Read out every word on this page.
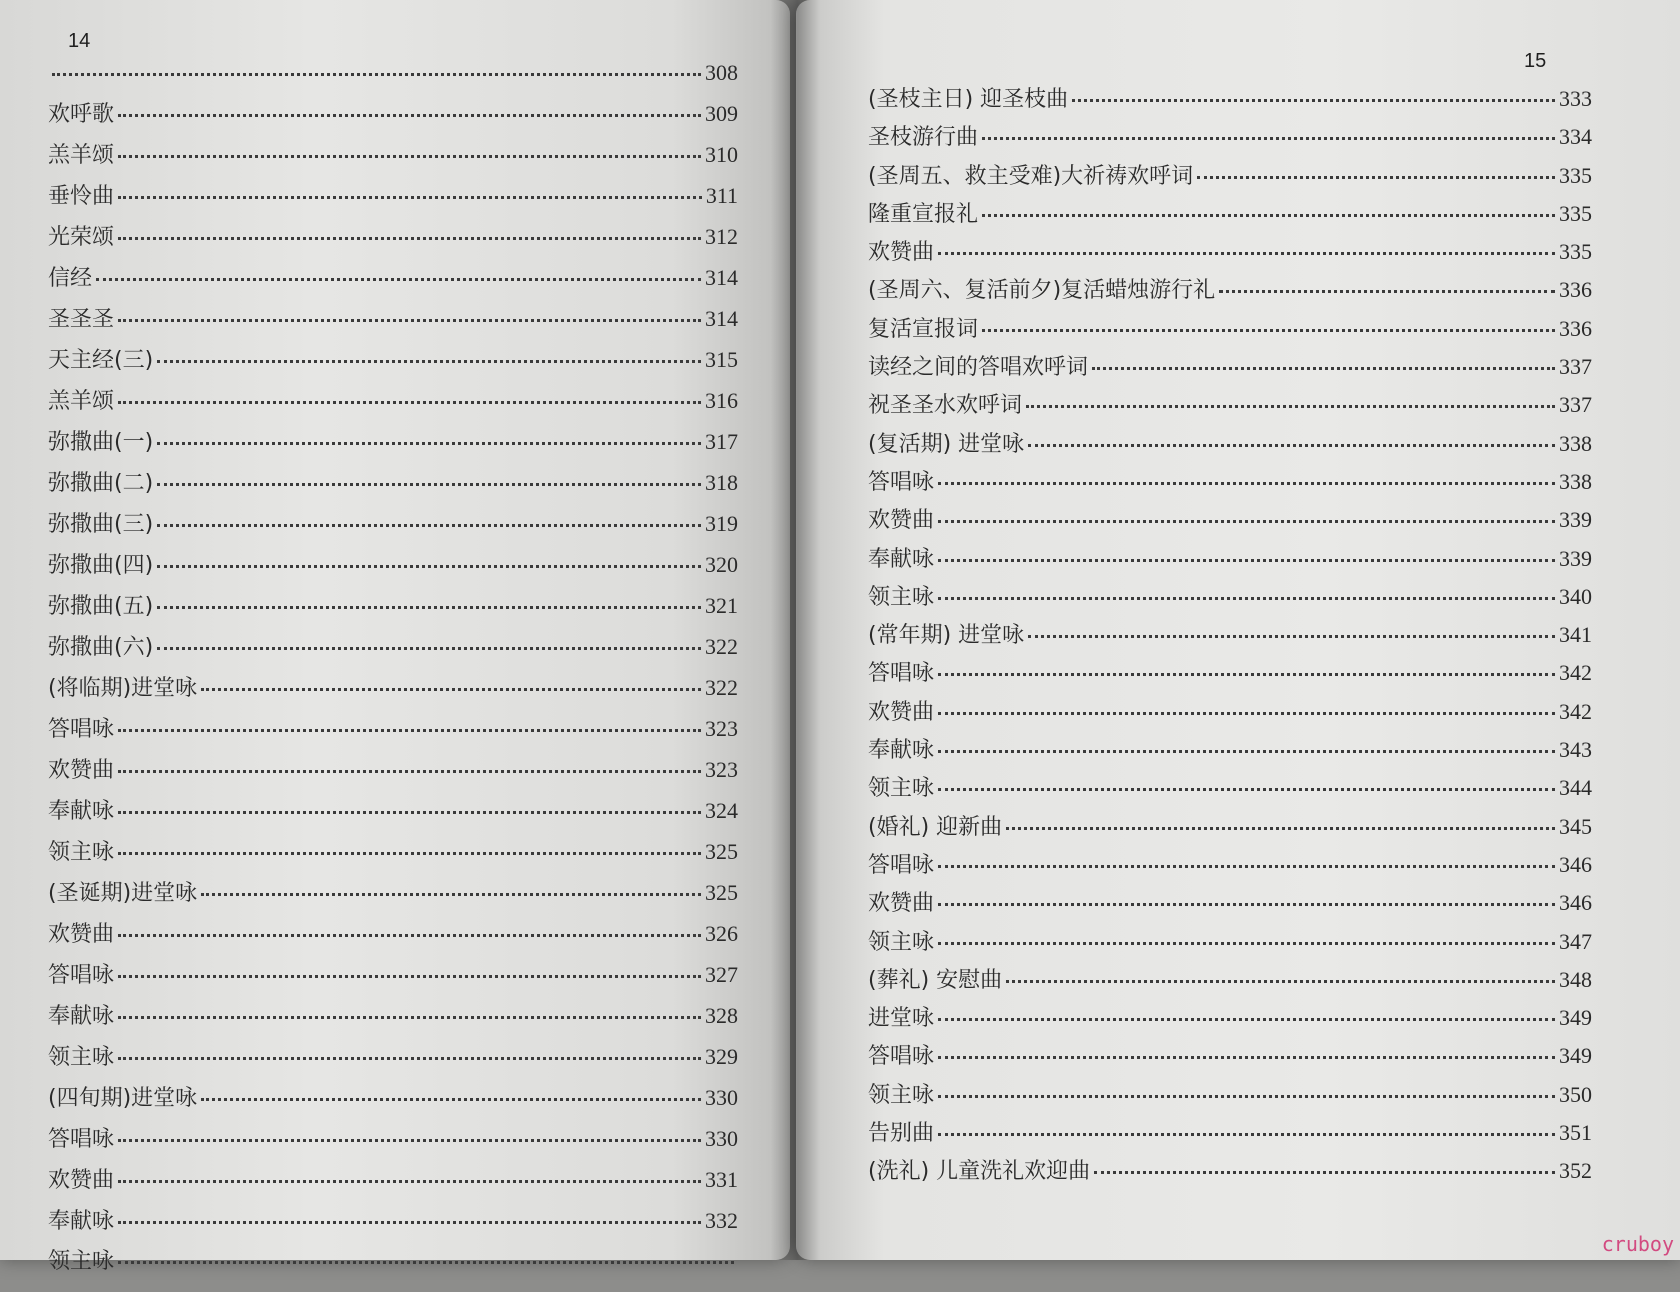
14
308
欢呼歌	309
羔羊颂	310
垂怜曲	311
光荣颂	312
信经	314
圣圣圣	314
天主经(三)	315
羔羊颂	316
弥撒曲(一)	317
弥撒曲(二)	318
弥撒曲(三)	319
弥撒曲(四)	320
弥撒曲(五)	321
弥撒曲(六)	322
(将临期)进堂咏	322
答唱咏	323
欢赞曲	323
奉献咏	324
领主咏	325
(圣诞期)进堂咏	325
欢赞曲	326
答唱咏	327
奉献咏	328
领主咏	329
(四旬期)进堂咏	330
答唱咏	330
欢赞曲	331
奉献咏	332
领主咏
15
(圣枝主日) 迎圣枝曲	333
圣枝游行曲	334
(圣周五、救主受难)大祈祷欢呼词	335
隆重宣报礼	335
欢赞曲	335
(圣周六、复活前夕)复活蜡烛游行礼	336
复活宣报词	336
读经之间的答唱欢呼词	337
祝圣圣水欢呼词	337
(复活期) 进堂咏	338
答唱咏	338
欢赞曲	339
奉献咏	339
领主咏	340
(常年期) 进堂咏	341
答唱咏	342
欢赞曲	342
奉献咏	343
领主咏	344
(婚礼) 迎新曲	345
答唱咏	346
欢赞曲	346
领主咏	347
(葬礼) 安慰曲	348
进堂咏	349
答唱咏	349
领主咏	350
告别曲	351
(洗礼) 儿童洗礼欢迎曲	352
cruboy
